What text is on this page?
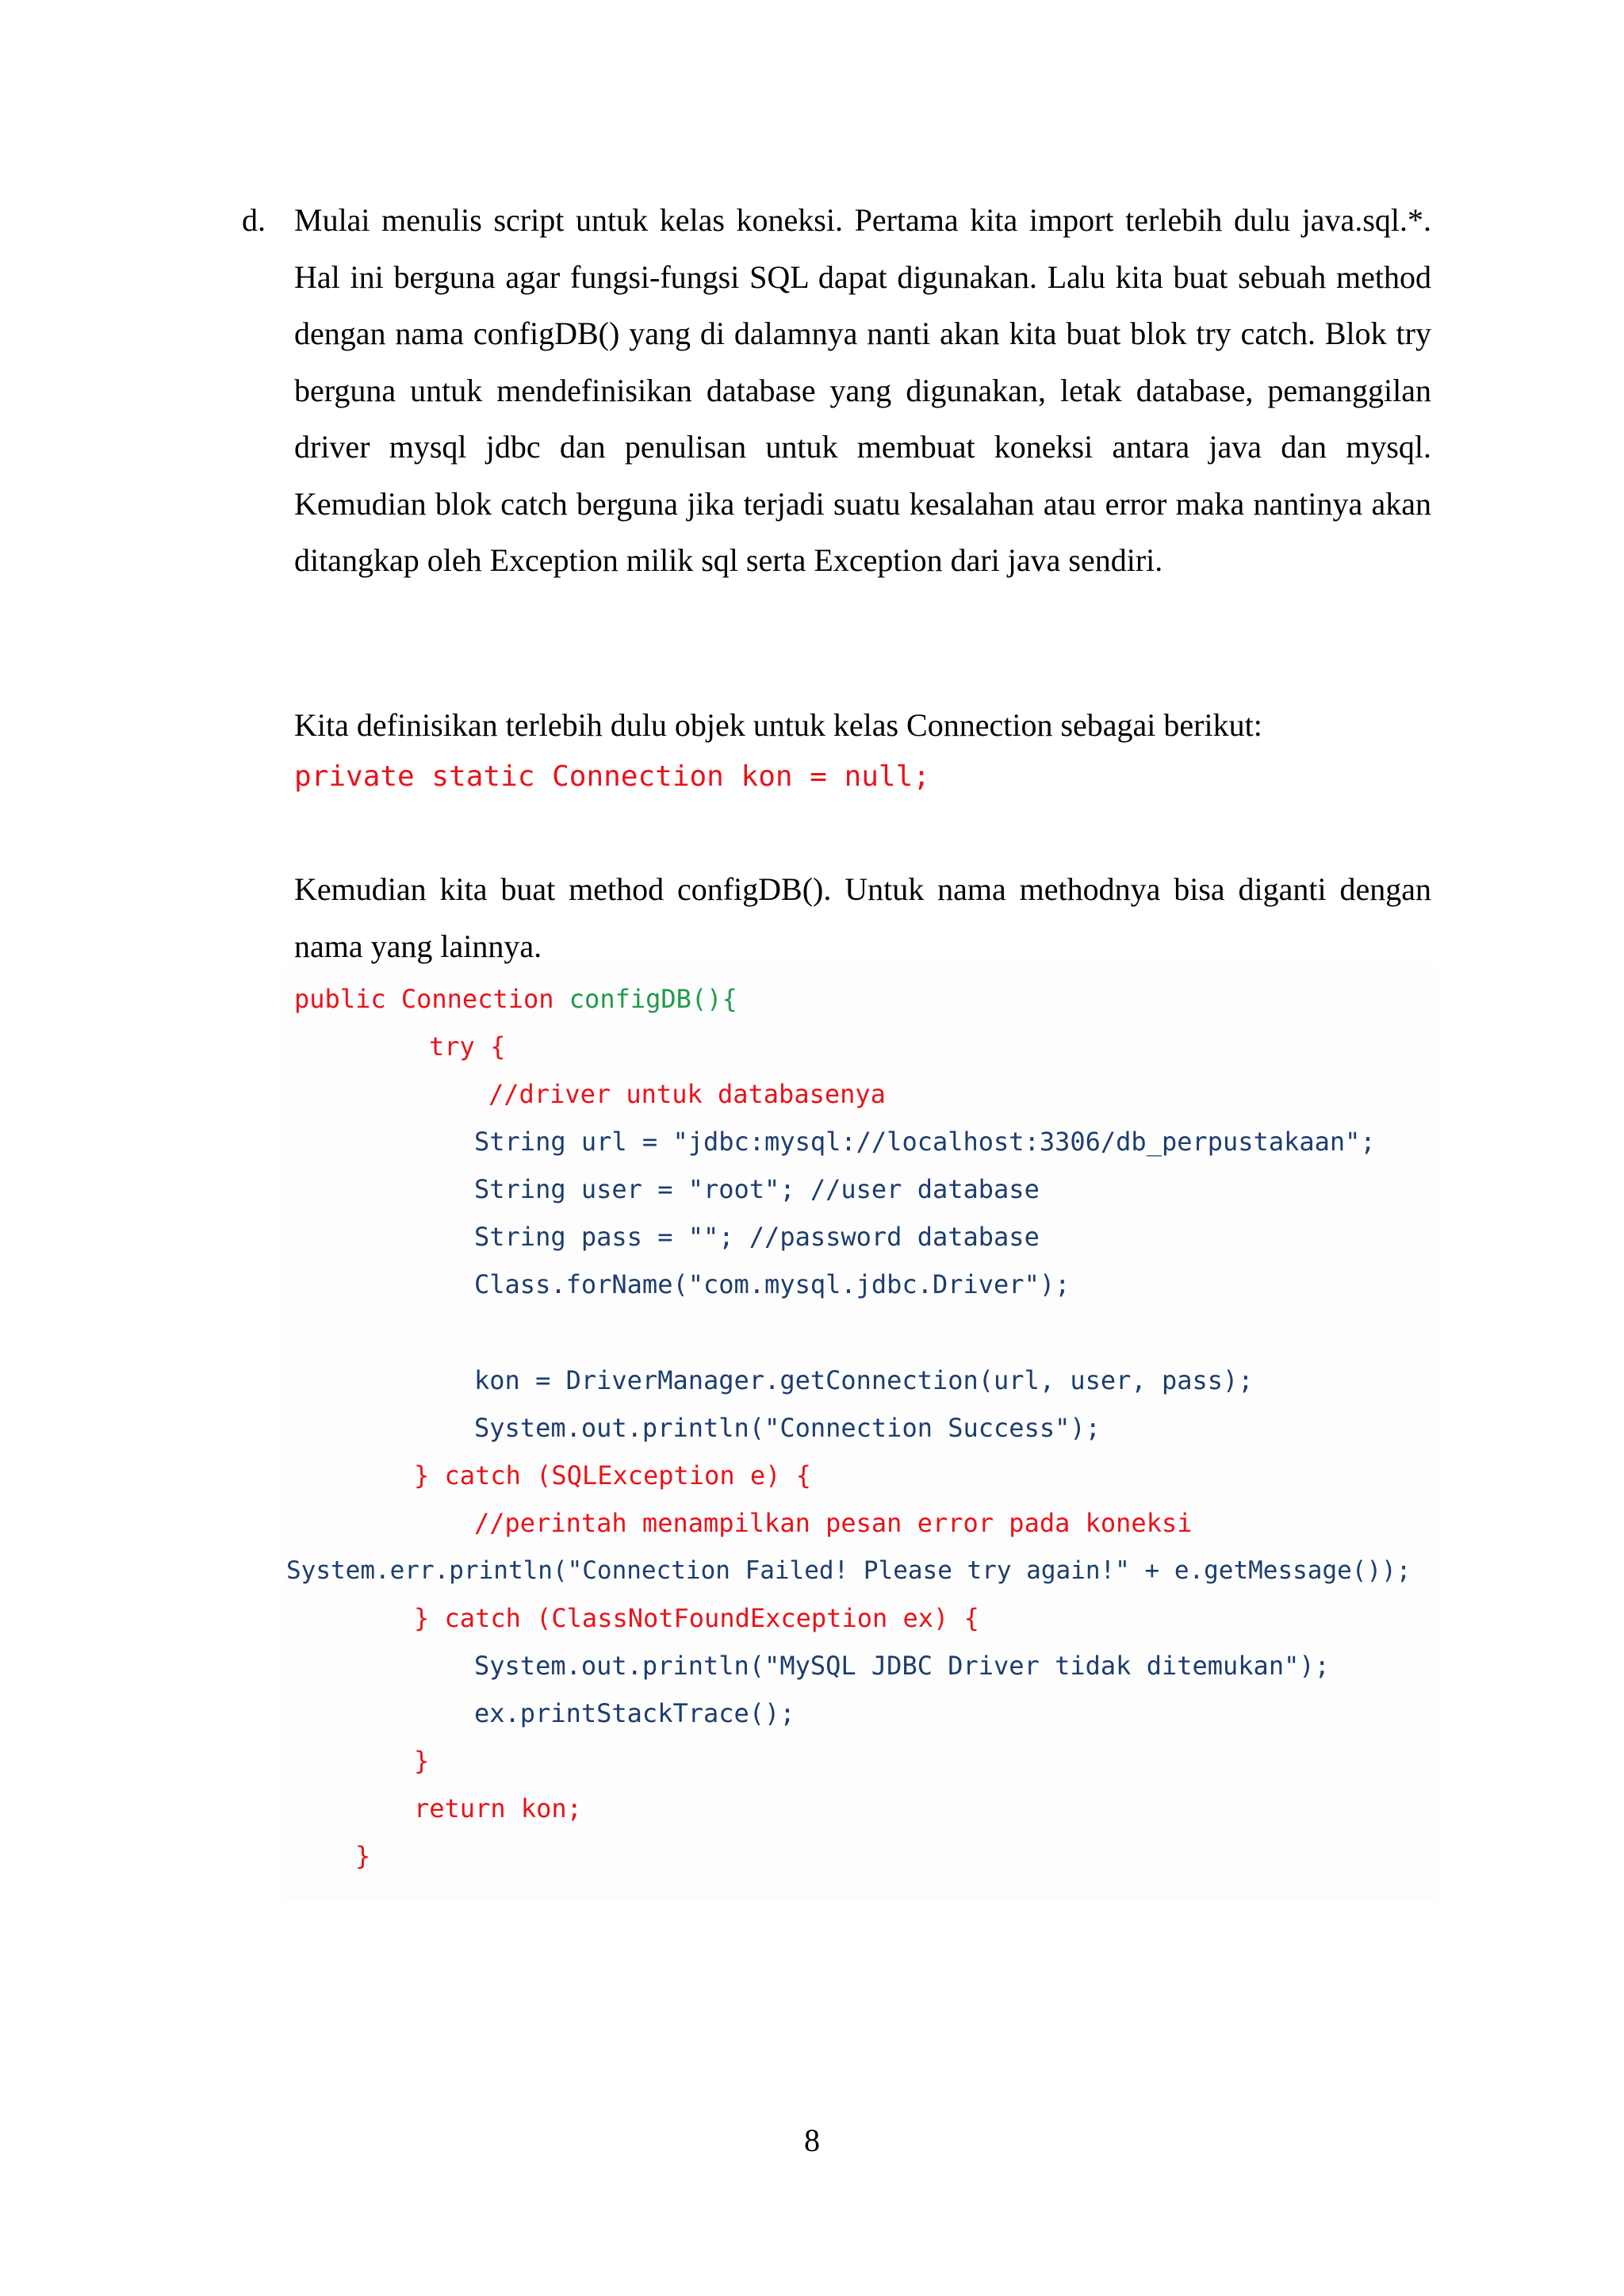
d. Mulai menulis script untuk kelas koneksi. Pertama kita import terlebih dulu java.sql.*. Hal ini berguna agar fungsi-fungsi SQL dapat digunakan. Lalu kita buat sebuah method dengan nama configDB() yang di dalamnya nanti akan kita buat blok try catch. Blok try berguna untuk mendefinisikan database yang digunakan, letak database, pemanggilan driver mysql jdbc dan penulisan untuk membuat koneksi antara java dan mysql. Kemudian blok catch berguna jika terjadi suatu kesalahan atau error maka nantinya akan ditangkap oleh Exception milik sql serta Exception dari java sendiri.

Kita definisikan terlebih dulu objek untuk kelas Connection sebagai berikut:

private static Connection kon = null;

Kemudian kita buat method configDB(). Untuk nama methodnya bisa diganti dengan nama yang lainnya.

public Connection configDB(){

try {

//driver untuk databasenya

String url = "jdbc:mysql://localhost:3306/db_perpustakaan";

String user = "root"; //user database

String pass = ""; //password database

Class.forName("com.mysql.jdbc.Driver");

kon = DriverManager.getConnection(url, user, pass);

System.out.println("Connection Success");

} catch (SQLException e) {

//perintah menampilkan pesan error pada koneksi

System.err.println("Connection Failed! Please try again!" + e.getMessage());

} catch (ClassNotFoundException ex) {

System.out.println("MySQL JDBC Driver tidak ditemukan");

ex.printStackTrace();

}

return kon;

}

8
